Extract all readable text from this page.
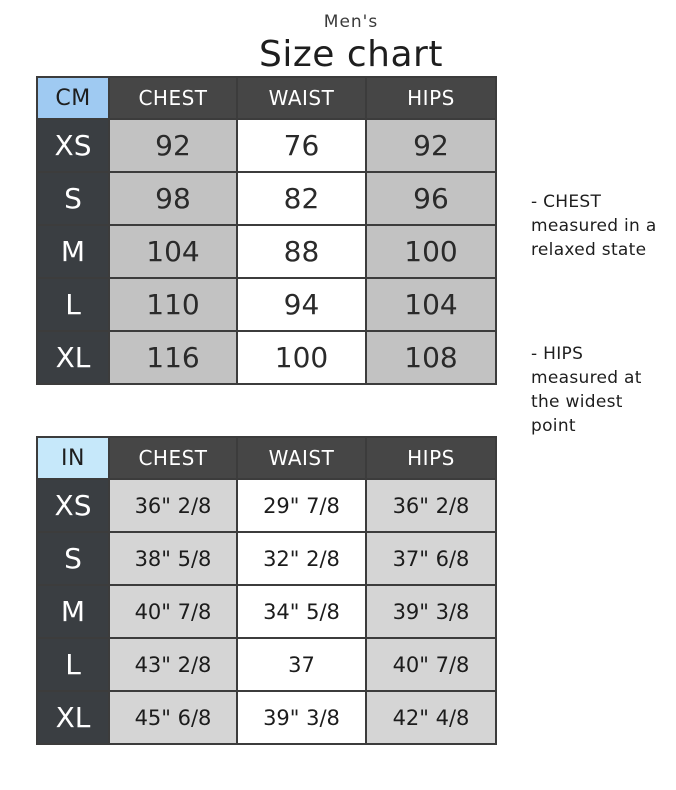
Men's
Size chart
CM	CHEST	WAIST	HIPS
XS	92	76	92
S	98	82	96
M	104	88	100
L	110	94	104
XL	116	100	108
IN	CHEST	WAIST	HIPS
XS	36" 2/8	29" 7/8	36" 2/8
S	38" 5/8	32" 2/8	37" 6/8
M	40" 7/8	34" 5/8	39" 3/8
L	43" 2/8	37	40" 7/8
XL	45" 6/8	39" 3/8	42" 4/8
- CHEST measured in a relaxed state
- HIPS measured at the widest point
